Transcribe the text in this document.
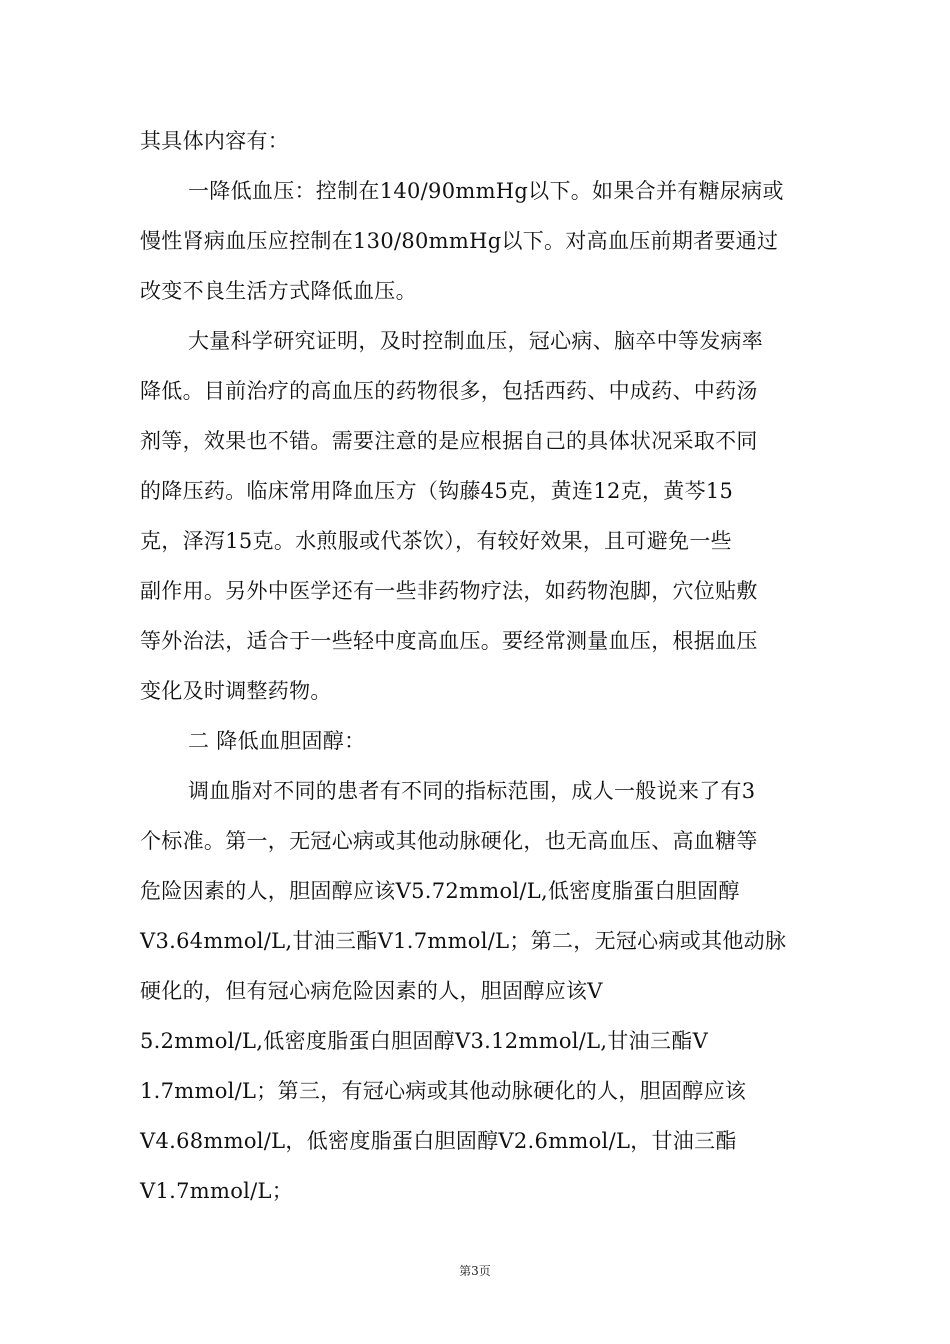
其具体内容有：
一降低血压：控制在140/90mmHg以下。如果合并有糖尿病或
慢性肾病血压应控制在130/80mmHg以下。对高血压前期者要通过
改变不良生活方式降低血压。
大量科学研究证明，及时控制血压，冠心病、脑卒中等发病率
降低。目前治疗的高血压的药物很多，包括西药、中成药、中药汤
剂等，效果也不错。需要注意的是应根据自己的具体状况采取不同
的降压药。临床常用降血压方（钩藤45克，黄连12克，黄芩15
克，泽泻15克。水煎服或代茶饮），有较好效果，且可避免一些
副作用。另外中医学还有一些非药物疗法，如药物泡脚，穴位贴敷
等外治法，适合于一些轻中度高血压。要经常测量血压，根据血压
变化及时调整药物。
二 降低血胆固醇：
调血脂对不同的患者有不同的指标范围，成人一般说来了有3
个标准。第一，无冠心病或其他动脉硬化，也无高血压、高血糖等
危险因素的人，胆固醇应该V5.72mmol/L,低密度脂蛋白胆固醇
V3.64mmol/L,甘油三酯V1.7mmol/L；第二，无冠心病或其他动脉
硬化的，但有冠心病危险因素的人，胆固醇应该V
5.2mmol/L,低密度脂蛋白胆固醇V3.12mmol/L,甘油三酯V
1.7mmol/L；第三，有冠心病或其他动脉硬化的人，胆固醇应该
V4.68mmol/L，低密度脂蛋白胆固醇V2.6mmol/L，甘油三酯
V1.7mmol/L；
第3页
